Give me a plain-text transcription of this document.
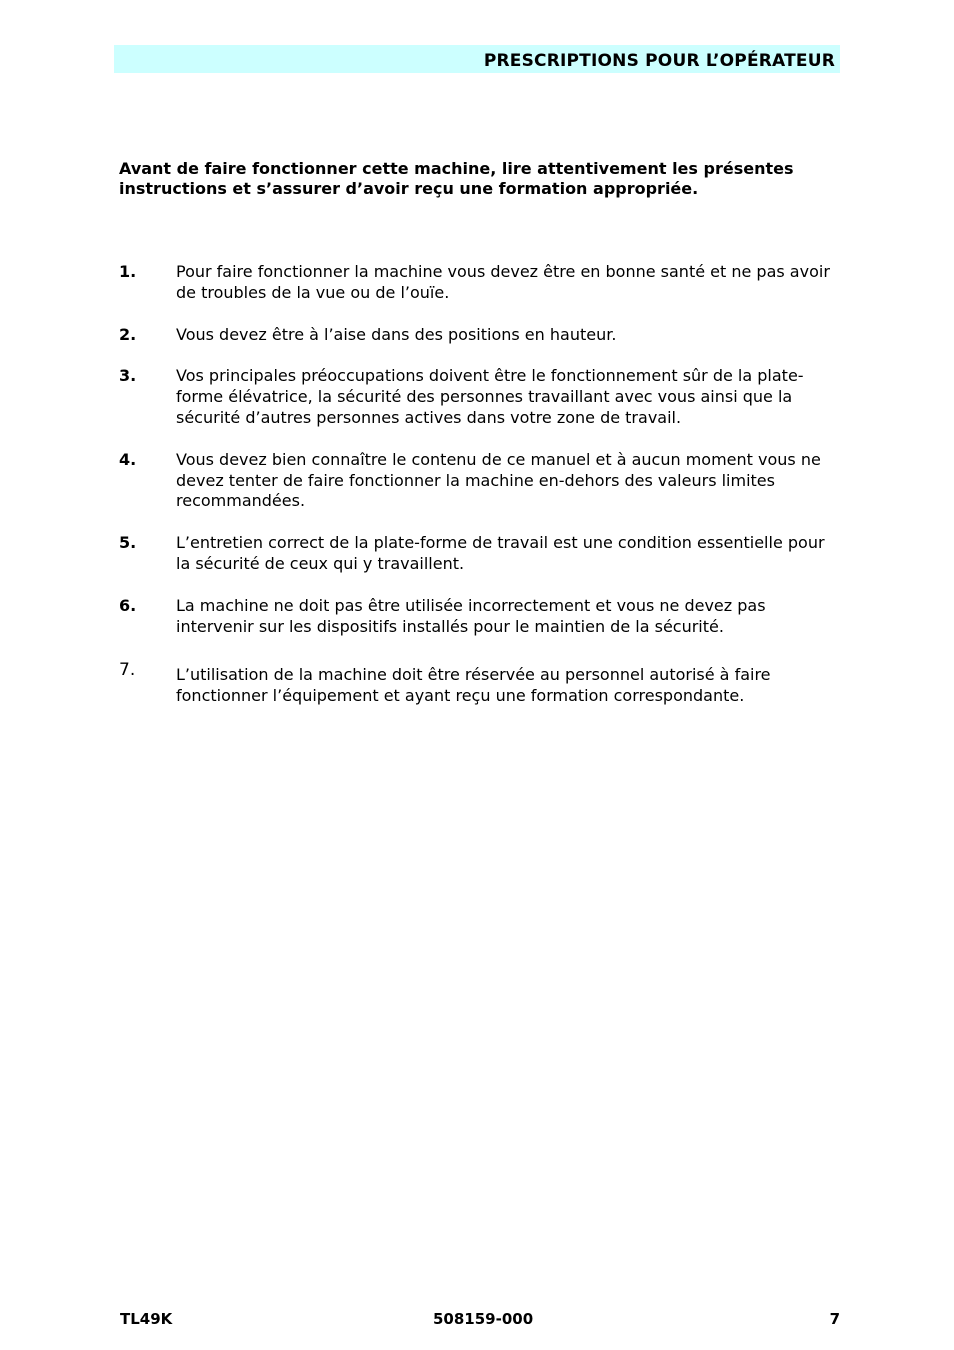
PRESCRIPTIONS POUR L’OPÉRATEUR

Avant de faire fonctionner cette machine, lire attentivement les présentes instructions et s’assurer d’avoir reçu une formation appropriée.

1. Pour faire fonctionner la machine vous devez être en bonne santé et ne pas avoir de troubles de la vue ou de l’ouïe.
2. Vous devez être à l’aise dans des positions en hauteur.
3. Vos principales préoccupations doivent être le fonctionnement sûr de la plate-forme élévatrice, la sécurité des personnes travaillant avec vous ainsi que la sécurité d’autres personnes actives dans votre zone de travail.
4. Vous devez bien connaître le contenu de ce manuel et à aucun moment vous ne devez tenter de faire fonctionner la machine en-dehors des valeurs limites recommandées.
5. L’entretien correct de la plate-forme de travail est une condition essentielle pour la sécurité de ceux qui y travaillent.
6. La machine ne doit pas être utilisée incorrectement et vous ne devez pas intervenir sur les dispositifs installés pour le maintien de la sécurité.
7.	L’utilisation de la machine doit être réservée au personnel autorisé à faire fonctionner l’équipement et ayant reçu une formation correspondante.
TL49K	508159-000	7
